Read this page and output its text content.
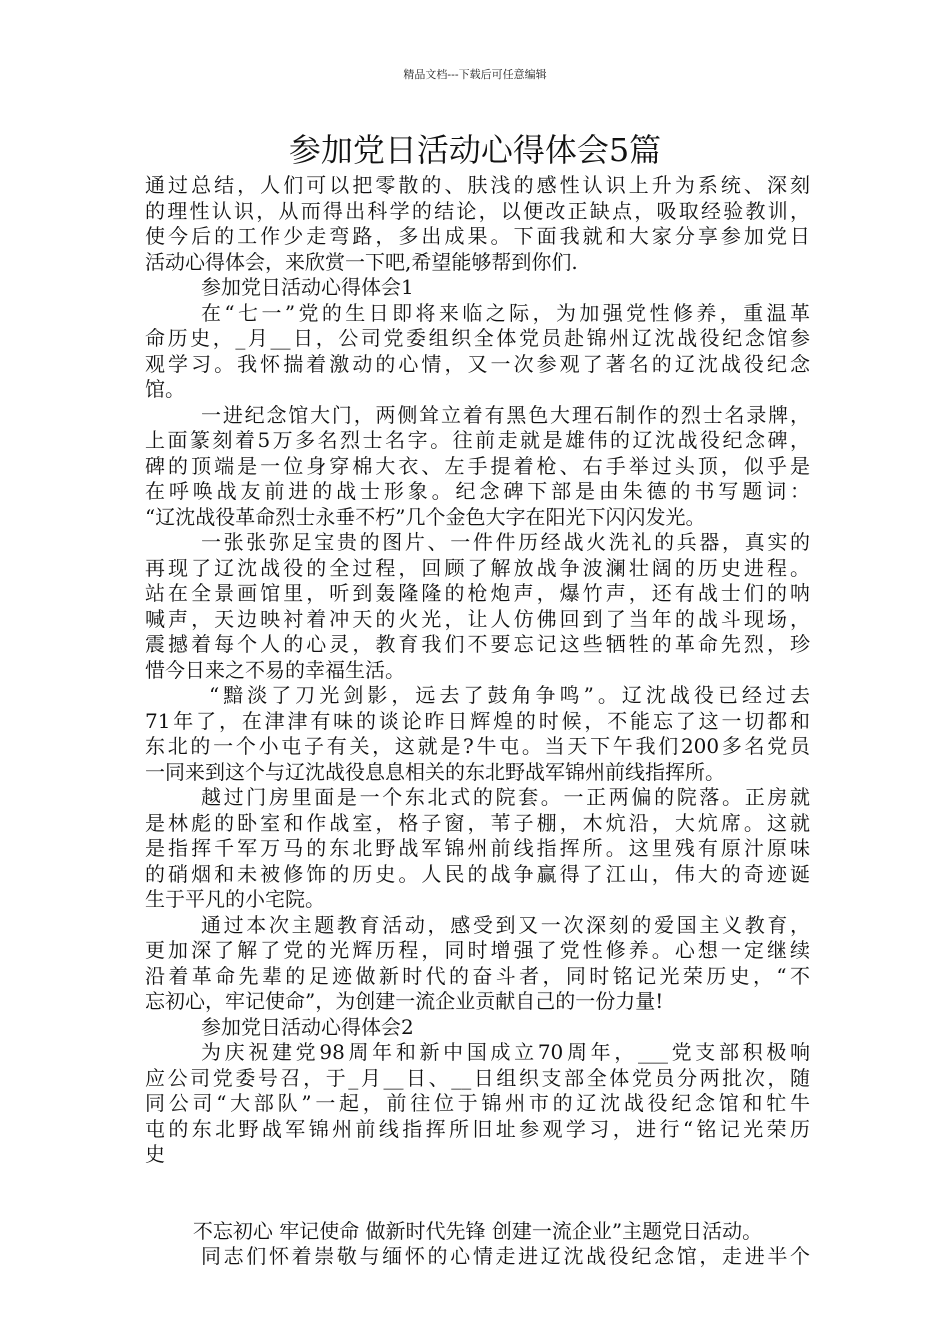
精品文档---下载后可任意编辑
参加党日活动心得体会5篇
通过总结，人们可以把零散的、肤浅的感性认识上升为系统、深刻
的理性认识，从而得出科学的结论，以便改正缺点，吸取经验教训，
使今后的工作少走弯路，多出成果。下面我就和大家分享参加党日
活动心得体会，来欣赏一下吧,希望能够帮到你们.
参加党日活动心得体会1
在“七一”党的生日即将来临之际，为加强党性修养，重温革
命历史，_月__日，公司党委组织全体党员赴锦州辽沈战役纪念馆参
观学习。我怀揣着激动的心情，又一次参观了著名的辽沈战役纪念
馆。
一进纪念馆大门，两侧耸立着有黑色大理石制作的烈士名录牌，
上面篆刻着5万多名烈士名字。往前走就是雄伟的辽沈战役纪念碑，
碑的顶端是一位身穿棉大衣、左手提着枪、右手举过头顶，似乎是
在呼唤战友前进的战士形象。纪念碑下部是由朱德的书写题词：
“辽沈战役革命烈士永垂不朽”几个金色大字在阳光下闪闪发光。
一张张弥足宝贵的图片、一件件历经战火洗礼的兵器，真实的
再现了辽沈战役的全过程，回顾了解放战争波澜壮阔的历史进程。
站在全景画馆里，听到轰隆隆的枪炮声，爆竹声，还有战士们的呐
喊声，天边映衬着冲天的火光，让人仿佛回到了当年的战斗现场，
震撼着每个人的心灵，教育我们不要忘记这些牺牲的革命先烈，珍
惜今日来之不易的幸福生活。
“黯淡了刀光剑影，远去了鼓角争鸣”。辽沈战役已经过去
71年了，在津津有味的谈论昨日辉煌的时候，不能忘了这一切都和
东北的一个小屯子有关，这就是?牛屯。当天下午我们200多名党员
一同来到这个与辽沈战役息息相关的东北野战军锦州前线指挥所。
越过门房里面是一个东北式的院套。一正两偏的院落。正房就
是林彪的卧室和作战室，格子窗，苇子棚，木炕沿，大炕席。这就
是指挥千军万马的东北野战军锦州前线指挥所。这里残有原汁原味
的硝烟和未被修饰的历史。人民的战争赢得了江山，伟大的奇迹诞
生于平凡的小宅院。
通过本次主题教育活动，感受到又一次深刻的爱国主义教育，
更加深了解了党的光辉历程，同时增强了党性修养。心想一定继续
沿着革命先辈的足迹做新时代的奋斗者，同时铭记光荣历史，“不
忘初心，牢记使命”，为创建一流企业贡献自己的一份力量!
参加党日活动心得体会2
为庆祝建党98周年和新中国成立70周年，___党支部积极响
应公司党委号召，于_月__日、__日组织支部全体党员分两批次，随
同公司“大部队”一起，前往位于锦州市的辽沈战役纪念馆和牤牛
屯的东北野战军锦州前线指挥所旧址参观学习，进行“铭记光荣历
史
不忘初心 牢记使命 做新时代先锋 创建一流企业”主题党日活动。
同志们怀着崇敬与缅怀的心情走进辽沈战役纪念馆，走进半个
